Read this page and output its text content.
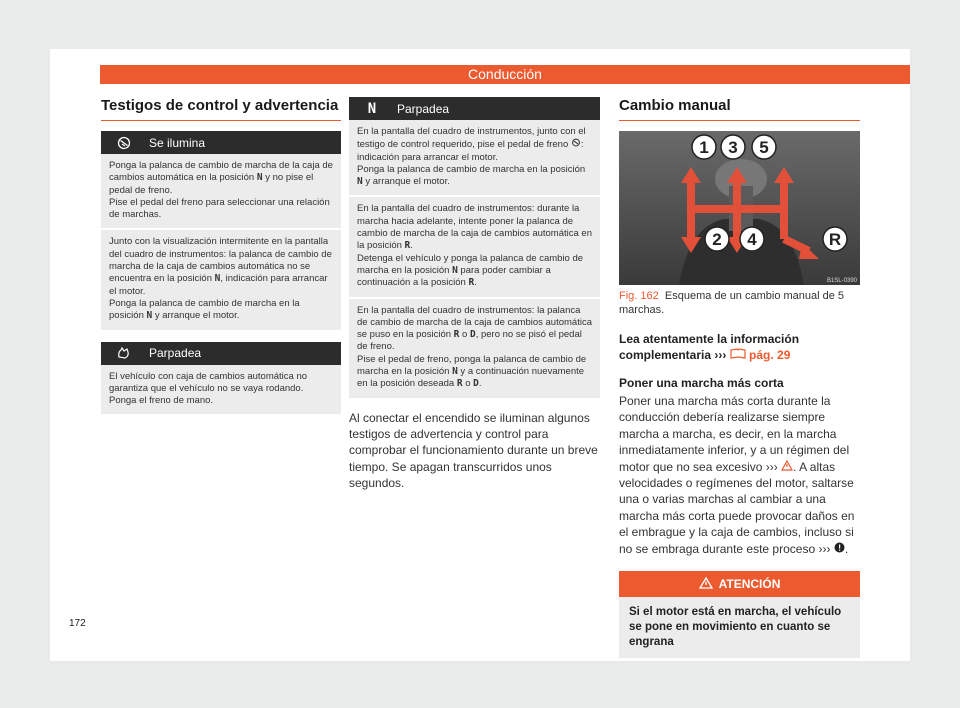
Conducción
Testigos de control y advertencia
Se ilumina

Ponga la palanca de cambio de marcha de la caja de cambios automática en la posición N y no pise el pedal de freno.

Pise el pedal del freno para seleccionar una relación de marchas.

Junto con la visualización intermitente en la pantalla del cuadro de instrumentos: la palanca de cambio de marcha de la caja de cambios automática no se encuentra en la posición N, indicación para arrancar el motor.

Ponga la palanca de cambio de marcha en la posición N y arranque el motor.

Parpadea

El vehículo con caja de cambios automática no garantiza que el vehículo no se vaya rodando.

Ponga el freno de mano.

N	Parpadea

En la pantalla del cuadro de instrumentos, junto con el testigo de control requerido, pise el pedal de freno : indicación para arrancar el motor.

Ponga la palanca de cambio de marcha en la posición N y arranque el motor.

En la pantalla del cuadro de instrumentos: durante la marcha hacia adelante, intente poner la palanca de cambio de marcha de la caja de cambios automática en la posición R.

Detenga el vehículo y ponga la palanca de cambio de marcha en la posición N para poder cambiar a continuación a la posición R.

En la pantalla del cuadro de instrumentos: la palanca de cambio de marcha de la caja de cambios automática se puso en la posición R o D, pero no se pisó el pedal de freno.

Pise el pedal de freno, ponga la palanca de cambio de marcha en la posición N y a continuación nuevamente en la posición deseada R o D.

Al conectar el encendido se iluminan algunos testigos de advertencia y control para comprobar el funcionamiento durante un breve tiempo. Se apagan transcurridos unos segundos.
Cambio manual
1 3 5
2 4	R
B1SL-0390
Fig. 162 Esquema de un cambio manual de 5 marchas.
Lea atentamente la información complementaria ›››  pág. 29
Poner una marcha más corta
Poner una marcha más corta durante la conducción debería realizarse siempre marcha a marcha, es decir, en la marcha inmediatamente inferior, y a un régimen del motor que no sea excesivo ››› . A altas velocidades o regímenes del motor, saltarse una o varias marchas al cambiar a una marcha más corta puede provocar daños en el embrague y la caja de cambios, incluso si no se embraga durante este proceso ››› .
ATENCIÓN
Si el motor está en marcha, el vehículo se pone en movimiento en cuanto se engrana
172
